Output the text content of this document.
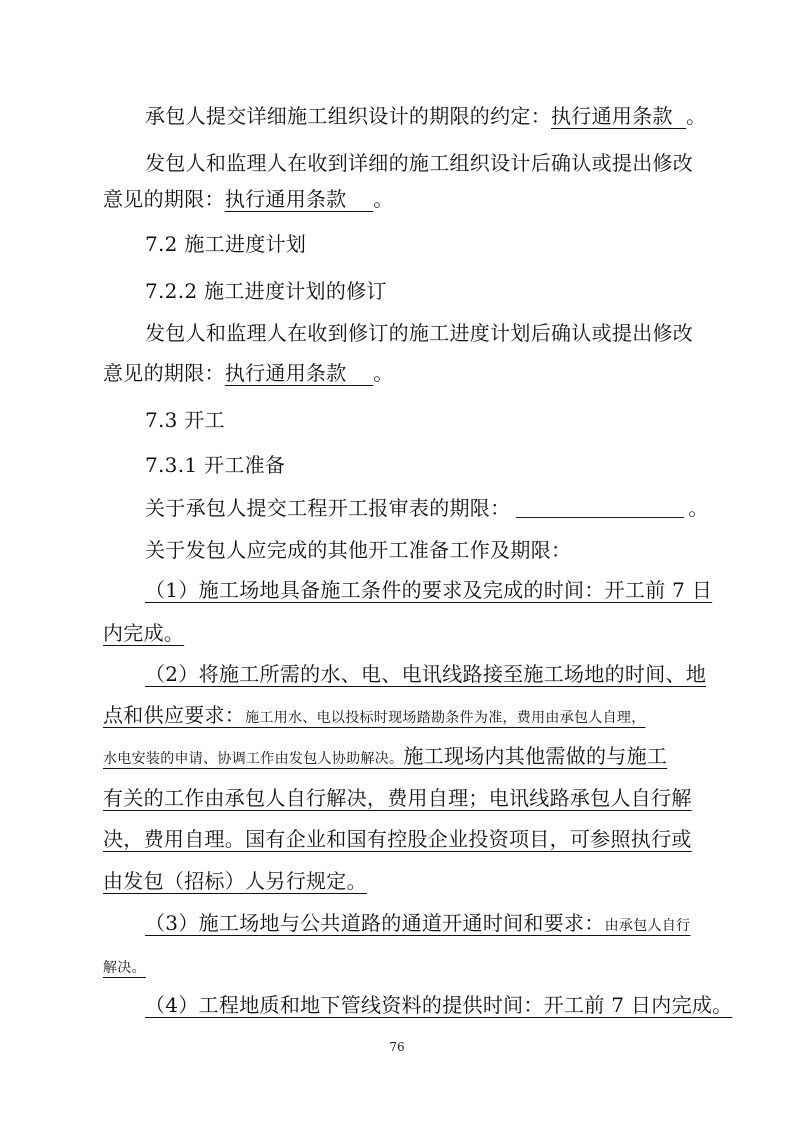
承包人提交详细施工组织设计的期限的约定：执行通用条款 。
发包人和监理人在收到详细的施工组织设计后确认或提出修改
意见的期限：执行通用条款 。
7.2 施工进度计划
7.2.2 施工进度计划的修订
发包人和监理人在收到修订的施工进度计划后确认或提出修改
意见的期限：执行通用条款 。
7.3 开工
7.3.1 开工准备
关于承包人提交工程开工报审表的期限：	。
关于发包人应完成的其他开工准备工作及期限：
（1）施工场地具备施工条件的要求及完成的时间：开工前 7 日
内完成。
（2）将施工所需的水、电、电讯线路接至施工场地的时间、地
点和供应要求：施工用水、电以投标时现场踏勘条件为准，费用由承包人自理，
水电安装的申请、协调工作由发包人协助解决。施工现场内其他需做的与施工
有关的工作由承包人自行解决，费用自理；电讯线路承包人自行解
决，费用自理。国有企业和国有控股企业投资项目，可参照执行或
由发包（招标）人另行规定。
（3）施工场地与公共道路的通道开通时间和要求：由承包人自行
解决。
（4）工程地质和地下管线资料的提供时间：开工前 7 日内完成。
76
